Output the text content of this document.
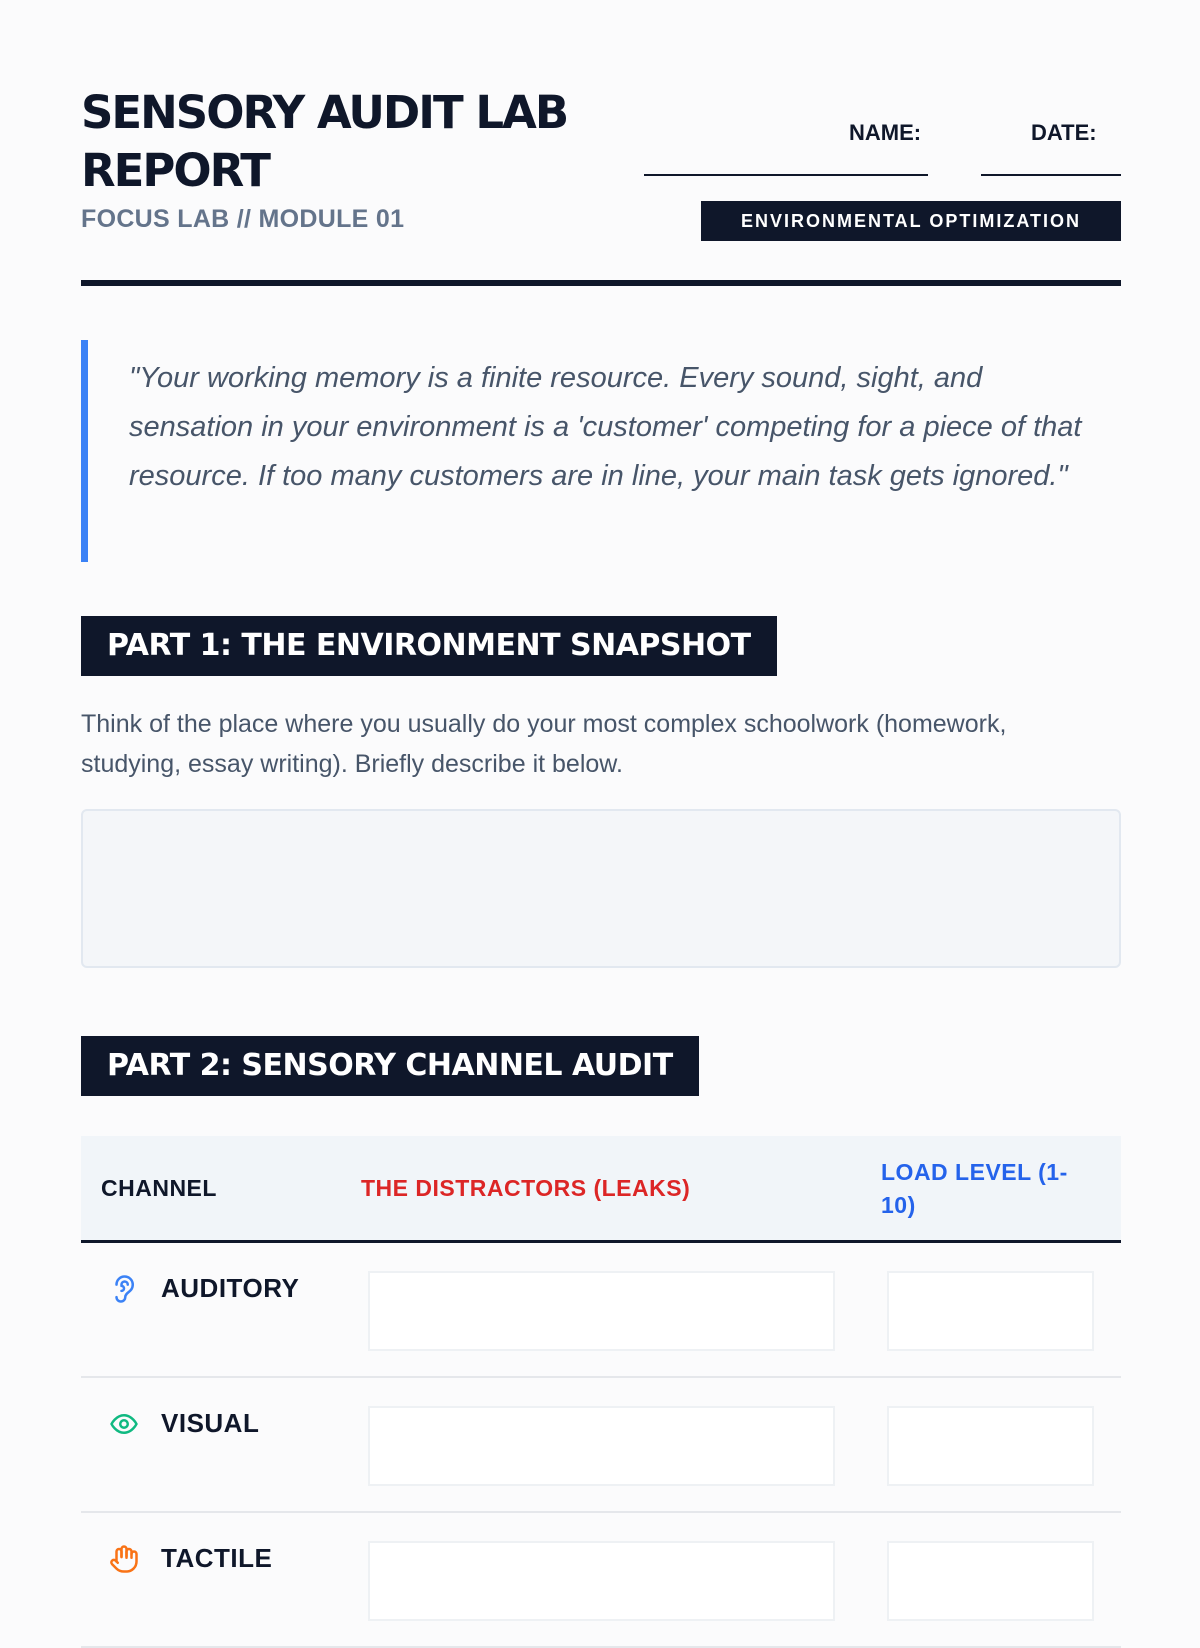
SENSORY AUDIT LAB REPORT
FOCUS LAB // MODULE 01
NAME:	DATE:
ENVIRONMENTAL OPTIMIZATION
"Your working memory is a finite resource. Every sound, sight, and sensation in your environment is a 'customer' competing for a piece of that resource. If too many customers are in line, your main task gets ignored."
PART 1: THE ENVIRONMENT SNAPSHOT
Think of the place where you usually do your most complex schoolwork (homework, studying, essay writing). Briefly describe it below.
PART 2: SENSORY CHANNEL AUDIT
CHANNEL	THE DISTRACTORS (LEAKS)
LOAD LEVEL (1-10)
AUDITORY
VISUAL
TACTILE
